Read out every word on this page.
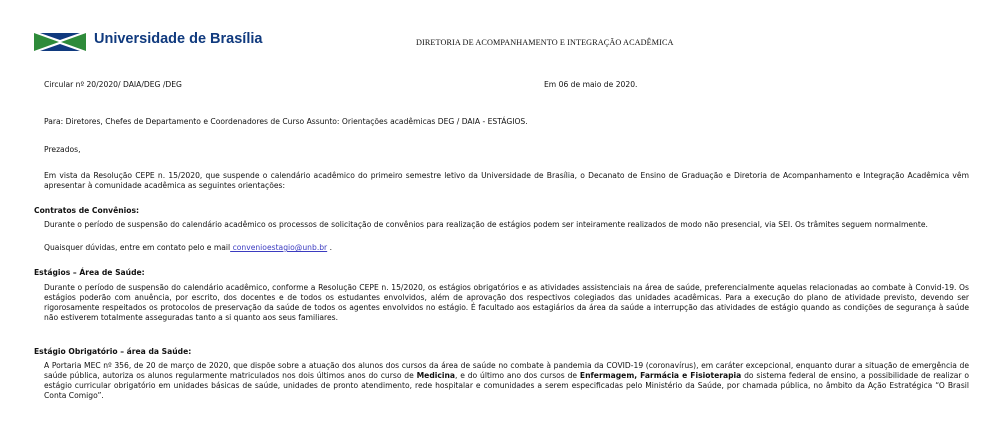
Universidade de Brasília	DIRETORIA DE ACOMPANHAMENTO E INTEGRAÇÃO ACADÊMICA
Circular nº 20/2020/ DAIA/DEG /DEG	Em 06 de maio de 2020.
Para: Diretores, Chefes de Departamento e Coordenadores de Curso Assunto: Orientações acadêmicas DEG / DAIA - ESTÁGIOS.
Prezados,
Em vista da Resolução CEPE n. 15/2020, que suspende o calendário acadêmico do primeiro semestre letivo da Universidade de Brasília, o Decanato de Ensino de Graduação e Diretoria de Acompanhamento e Integração Acadêmica vêm apresentar à comunidade acadêmica as seguintes orientações:
Contratos de Convênios:
Durante o período de suspensão do calendário acadêmico os processos de solicitação de convênios para realização de estágios podem ser inteiramente realizados de modo não presencial, via SEI. Os trâmites seguem normalmente.
Quaisquer dúvidas, entre em contato pelo e mail convenioestagio@unb.br .
Estágios – Área de Saúde:
Durante o período de suspensão do calendário acadêmico, conforme a Resolução CEPE n. 15/2020, os estágios obrigatórios e as atividades assistenciais na área de saúde, preferencialmente aquelas relacionadas ao combate à Convid-19. Os estágios poderão com anuência, por escrito, dos docentes e de todos os estudantes envolvidos, além de aprovação dos respectivos colegiados das unidades acadêmicas. Para a execução do plano de atividade previsto, devendo ser rigorosamente respeitados os protocolos de preservação da saúde de todos os agentes envolvidos no estágio. É facultado aos estagiários da área da saúde a interrupção das atividades de estágio quando as condições de segurança à saúde não estiverem totalmente asseguradas tanto a si quanto aos seus familiares.
Estágio Obrigatório – área da Saúde:
A Portaria MEC nº 356, de 20 de março de 2020, que dispõe sobre a atuação dos alunos dos cursos da área de saúde no combate à pandemia da COVID-19 (coronavírus), em caráter excepcional, enquanto durar a situação de emergência de saúde pública, autoriza os alunos regularmente matriculados nos dois últimos anos do curso de Medicina, e do último ano dos cursos de Enfermagem, Farmácia e Fisioterapia do sistema federal de ensino, a possibilidade de realizar o estágio curricular obrigatório em unidades básicas de saúde, unidades de pronto atendimento, rede hospitalar e comunidades a serem especificadas pelo Ministério da Saúde, por chamada pública, no âmbito da Ação Estratégica “O Brasil Conta Comigo”.
